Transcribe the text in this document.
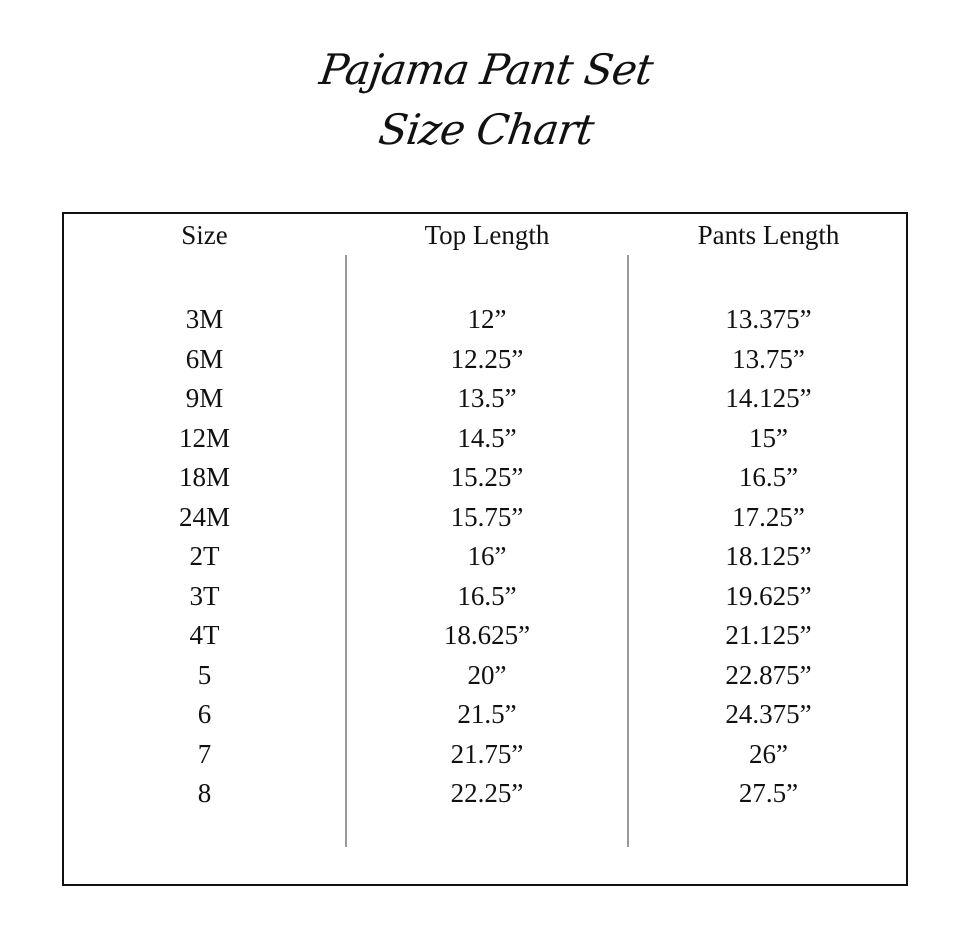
Pajama Pant Set
Size Chart
Size
3M
6M
9M
12M
18M
24M
2T
3T
4T
5
6
7
8
Top Length
12”
12.25”
13.5”
14.5”
15.25”
15.75”
16”
16.5”
18.625”
20”
21.5”
21.75”
22.25”
Pants Length
13.375”
13.75”
14.125”
15”
16.5”
17.25”
18.125”
19.625”
21.125”
22.875”
24.375”
26”
27.5”
